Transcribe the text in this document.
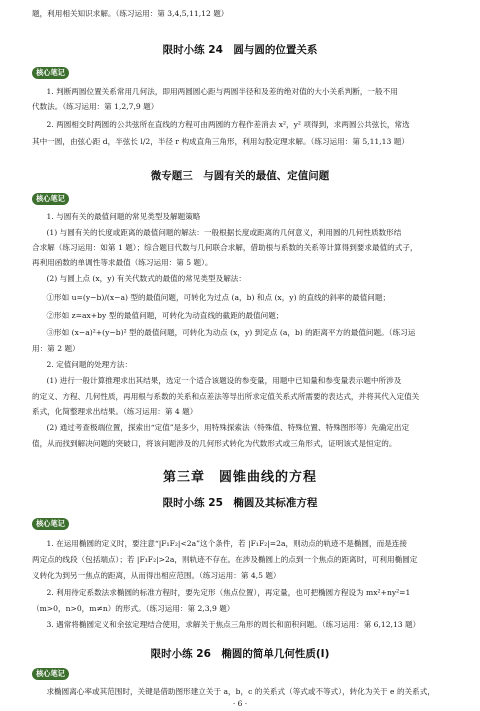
题，利用相关知识求解。（练习运用：第 3,4,5,11,12 题）
限时小练 24　圆与圆的位置关系
核心笔记
1. 判断两圆位置关系常用几何法，即用两圆圆心距与两圆半径和及差的绝对值的大小关系判断，一般不用
代数法。（练习运用：第 1,2,7,9 题）
2. 两圆相交时两圆的公共弦所在直线的方程可由两圆的方程作差消去 x²，y² 项得到，求两圆公共弦长，常选
其中一圆，由弦心距 d，半弦长 l/2，半径 r 构成直角三角形，利用勾股定理求解。（练习运用：第 5,11,13 题）
微专题三　与圆有关的最值、定值问题
核心笔记
1. 与圆有关的最值问题的常见类型及解题策略
(1) 与圆有关的长度或距离的最值问题的解法：一般根据长度或距离的几何意义，利用圆的几何性质数形结
合求解（练习运用：如第 1 题）；综合题目代数与几何联合求解，借助根与系数的关系等计算得到要求最值的式子，
再利用函数的单调性等求最值（练习运用：第 5 题）。
(2) 与圆上点 (x，y) 有关代数式的最值的常见类型及解法：
①形如 u=(y−b)/(x−a) 型的最值问题，可转化为过点 (a，b) 和点 (x，y) 的直线的斜率的最值问题；
②形如 z=ax+by 型的最值问题，可转化为动直线的截距的最值问题；
③形如 (x−a)²+(y−b)² 型的最值问题，可转化为动点 (x，y) 到定点 (a，b) 的距离平方的最值问题。（练习运
用：第 2 题）
2. 定值问题的处理方法：
(1) 进行一般计算推理求出其结果，选定一个适合该题设的参变量，用题中已知量和参变量表示题中所涉及
的定义、方程、几何性质，再用根与系数的关系和点差法等导出所求定值关系式所需要的表达式，并将其代入定值关
系式，化简整理求出结果。（练习运用：第 4 题）
(2) 通过考查极端位置，探索出“定值”是多少，用特殊探索法（特殊值、特殊位置、特殊图形等）先确定出定
值，从而找到解决问题的突破口，将该问题涉及的几何形式转化为代数形式或三角形式，证明该式是恒定的。
第三章　圆锥曲线的方程
限时小练 25　椭圆及其标准方程
核心笔记
1. 在运用椭圆的定义时，要注意“|F₁F₂|<2a”这个条件，若 |F₁F₂|=2a，则动点的轨迹不是椭圆，而是连接
两定点的线段（包括端点）；若 |F₁F₂|>2a，则轨迹不存在。在涉及椭圆上的点到一个焦点的距离时，可利用椭圆定
义转化为到另一焦点的距离，从而得出相应范围。（练习运用：第 4,5 题）
2. 利用待定系数法求椭圆的标准方程时，要先定形（焦点位置），再定量，也可把椭圆方程设为 mx²+ny²=1
（m>0，n>0，m≠n）的形式。（练习运用：第 2,3,9 题）
3. 遇常将椭圆定义和余弦定理结合使用，求解关于焦点三角形的周长和面积问题。（练习运用：第 6,12,13 题）
限时小练 26　椭圆的简单几何性质(Ⅰ)
核心笔记
求椭圆离心率或其范围时，关键是借助图形建立关于 a，b，c 的关系式（等式或不等式），转化为关于 e 的关系式，
· 6 ·
